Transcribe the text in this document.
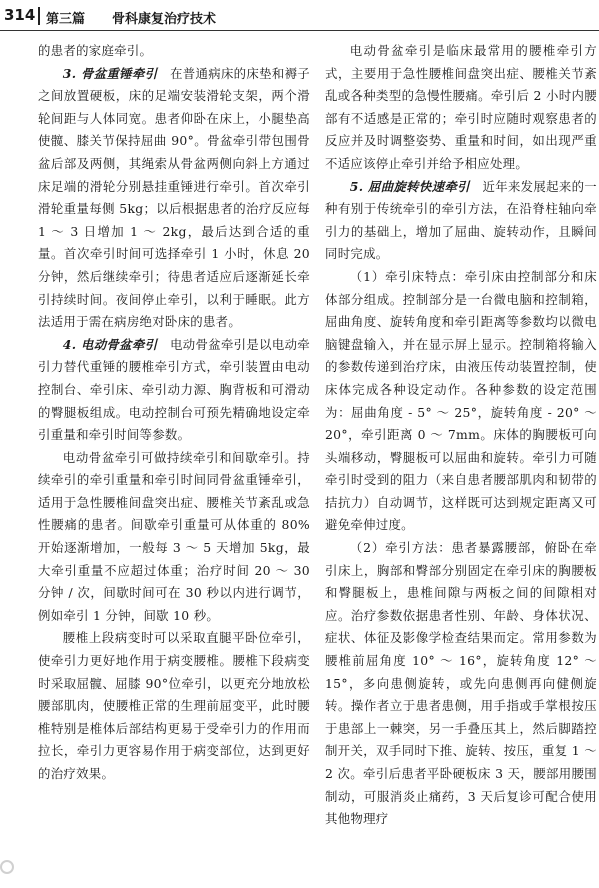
314 第三篇 骨科康复治疗技术

的患者的家庭牵引。

3. 骨盆重锤牵引　 在普通病床的床垫和褥子之间放置硬板，床的足端安装滑轮支架，两个滑轮间距与人体同宽。患者仰卧在床上，小腿垫高使髋、膝关节保持屈曲 90°。骨盆牵引带包围骨盆后部及两侧，其绳索从骨盆两侧向斜上方通过床足端的滑轮分别悬挂重锤进行牵引。首次牵引滑轮重量每侧 5kg；以后根据患者的治疗反应每 1 ～ 3 日增加 1 ～ 2kg，最后达到合适的重量。首次牵引时间可选择牵引 1 小时，休息 20 分钟，然后继续牵引；待患者适应后逐渐延长牵引持续时间。夜间停止牵引，以利于睡眠。此方法适用于需在病房绝对卧床的患者。

4. 电动骨盆牵引　 电动骨盆牵引是以电动牵引力替代重锤的腰椎牵引方式，牵引装置由电动控制台、牵引床、牵引动力源、胸背板和可滑动的臀腿板组成。电动控制台可预先精确地设定牵引重量和牵引时间等参数。

电动骨盆牵引可做持续牵引和间歇牵引。持续牵引的牵引重量和牵引时间同骨盆重锤牵引，适用于急性腰椎间盘突出症、腰椎关节紊乱或急性腰痛的患者。间歇牵引重量可从体重的 80% 开始逐渐增加，一般每 3 ～ 5 天增加 5kg，最大牵引重量不应超过体重；治疗时间 20 ～ 30 分钟 / 次，间歇时间可在 30 秒以内进行调节，例如牵引 1 分钟，间歇 10 秒。

腰椎上段病变时可以采取直腿平卧位牵引，使牵引力更好地作用于病变腰椎。腰椎下段病变时采取屈髋、屈膝 90°位牵引，以更充分地放松腰部肌肉，使腰椎正常的生理前屈变平，此时腰椎特别是椎体后部结构更易于受牵引力的作用而拉长，牵引力更容易作用于病变部位，达到更好的治疗效果。

电动骨盆牵引是临床最常用的腰椎牵引方式，主要用于急性腰椎间盘突出症、腰椎关节紊乱或各种类型的急慢性腰痛。牵引后 2 小时内腰部有不适感是正常的；牵引时应随时观察患者的反应并及时调整姿势、重量和时间，如出现严重不适应该停止牵引并给予相应处理。

5. 屈曲旋转快速牵引　 近年来发展起来的一种有别于传统牵引的牵引方法，在沿脊柱轴向牵引力的基础上，增加了屈曲、旋转动作，且瞬间同时完成。

（1）牵引床特点：牵引床由控制部分和床体部分组成。控制部分是一台微电脑和控制箱，屈曲角度、旋转角度和牵引距离等参数均以微电脑键盘输入，并在显示屏上显示。控制箱将输入的参数传递到治疗床，由液压传动装置控制，使床体完成各种设定动作。各种参数的设定范围为：屈曲角度 - 5° ～ 25°，旋转角度 - 20° ～ 20°，牵引距离 0 ～ 7mm。床体的胸腰板可向头端移动，臀腿板可以屈曲和旋转。牵引力可随牵引时受到的阻力（来自患者腰部肌肉和韧带的拮抗力）自动调节，这样既可达到规定距离又可避免牵伸过度。

（2）牵引方法：患者暴露腰部，俯卧在牵引床上，胸部和臀部分别固定在牵引床的胸腰板和臀腿板上，患椎间隙与两板之间的间隙相对应。治疗参数依据患者性别、年龄、身体状况、症状、体征及影像学检查结果而定。常用参数为腰椎前屈角度 10° ～ 16°，旋转角度 12° ～ 15°，多向患侧旋转，或先向患侧再向健侧旋转。操作者立于患者患侧，用手指或手掌根按压于患部上一棘突，另一手叠压其上，然后脚踏控制开关，双手同时下推、旋转、按压，重复 1 ～ 2 次。牵引后患者平卧硬板床 3 天，腰部用腰围制动，可服消炎止痛药，3 天后复诊可配合使用其他物理疗
